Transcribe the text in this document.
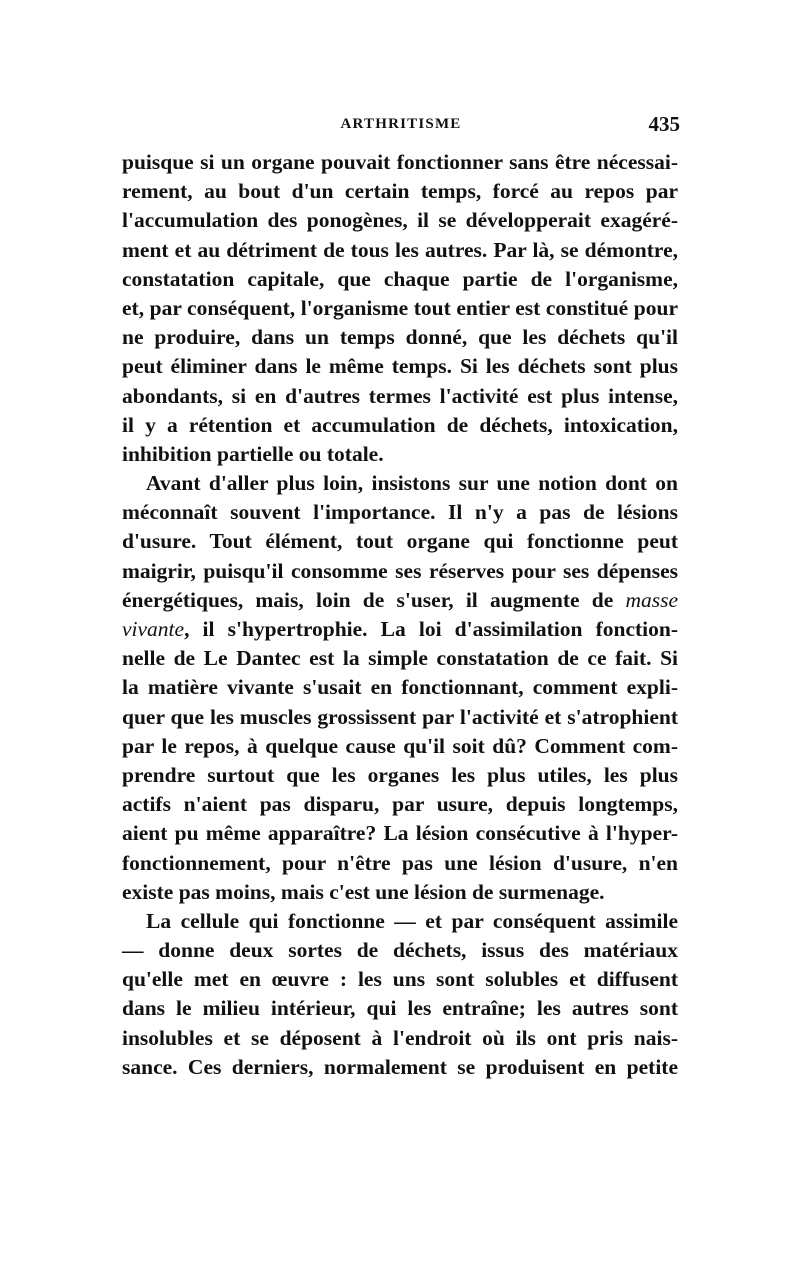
ARTHRITISME	435
puisque si un organe pouvait fonctionner sans être nécessai-
rement, au bout d'un certain temps, forcé au repos par
l'accumulation des ponogènes, il se développerait exagéré-
ment et au détriment de tous les autres. Par là, se démontre,
constatation capitale, que chaque partie de l'organisme,
et, par conséquent, l'organisme tout entier est constitué pour
ne produire, dans un temps donné, que les déchets qu'il
peut éliminer dans le même temps. Si les déchets sont plus
abondants, si en d'autres termes l'activité est plus intense,
il y a rétention et accumulation de déchets, intoxication,
inhibition partielle ou totale.
Avant d'aller plus loin, insistons sur une notion dont on
méconnaît souvent l'importance. Il n'y a pas de lésions
d'usure. Tout élément, tout organe qui fonctionne peut
maigrir, puisqu'il consomme ses réserves pour ses dépenses
énergétiques, mais, loin de s'user, il augmente de masse
vivante, il s'hypertrophie. La loi d'assimilation fonction-
nelle de Le Dantec est la simple constatation de ce fait. Si
la matière vivante s'usait en fonctionnant, comment expli-
quer que les muscles grossissent par l'activité et s'atrophient
par le repos, à quelque cause qu'il soit dû? Comment com-
prendre surtout que les organes les plus utiles, les plus
actifs n'aient pas disparu, par usure, depuis longtemps,
aient pu même apparaître? La lésion consécutive à l'hyper-
fonctionnement, pour n'être pas une lésion d'usure, n'en
existe pas moins, mais c'est une lésion de surmenage.
La cellule qui fonctionne — et par conséquent assimile
— donne deux sortes de déchets, issus des matériaux
qu'elle met en œuvre : les uns sont solubles et diffusent
dans le milieu intérieur, qui les entraîne; les autres sont
insolubles et se déposent à l'endroit où ils ont pris nais-
sance. Ces derniers, normalement se produisent en petite
